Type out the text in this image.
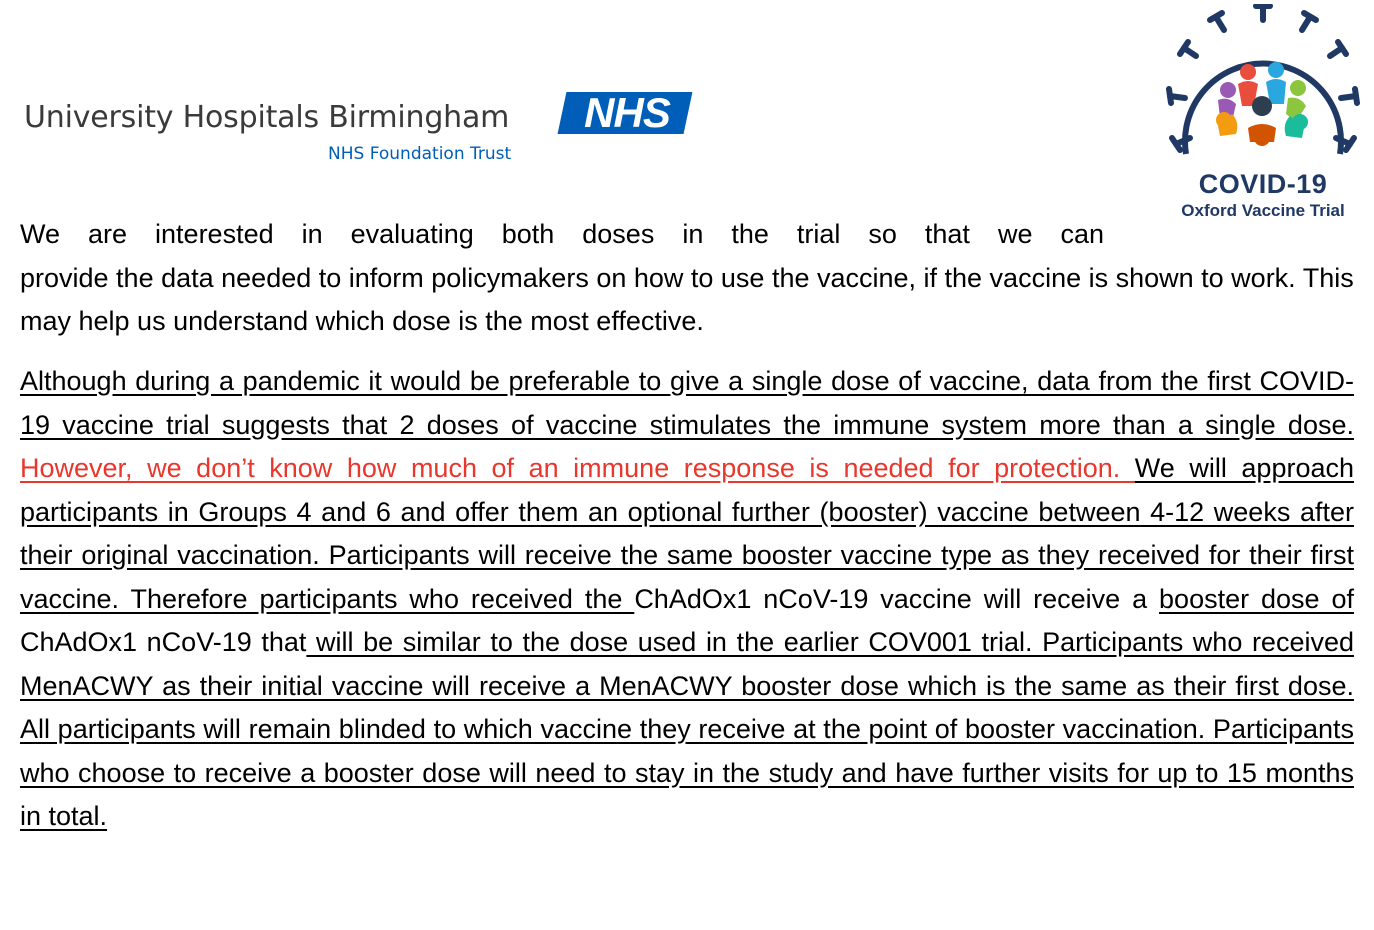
University Hospitals Birmingham	NHS
NHS Foundation Trust
COVID-19
Oxford Vaccine Trial
We are interested in evaluating both doses in the trial so that we can
provide the data needed to inform policymakers on how to use the vaccine, if the vaccine is shown to work. This may help us understand which dose is the most effective.
Although during a pandemic it would be preferable to give a single dose of vaccine, data from the first COVID-19 vaccine trial suggests that 2 doses of vaccine stimulates the immune system more than a single dose. However, we don’t know how much of an immune response is needed for protection. We will approach participants in Groups 4 and 6 and offer them an optional further (booster) vaccine between 4-12 weeks after their original vaccination. Participants will receive the same booster vaccine type as they received for their first vaccine. Therefore participants who received the ChAdOx1 nCoV-19 vaccine will receive a booster dose of ChAdOx1 nCoV-19 that will be similar to the dose used in the earlier COV001 trial. Participants who received MenACWY as their initial vaccine will receive a MenACWY booster dose which is the same as their first dose. All participants will remain blinded to which vaccine they receive at the point of booster vaccination. Participants who choose to receive a booster dose will need to stay in the study and have further visits for up to 15 months in total.
